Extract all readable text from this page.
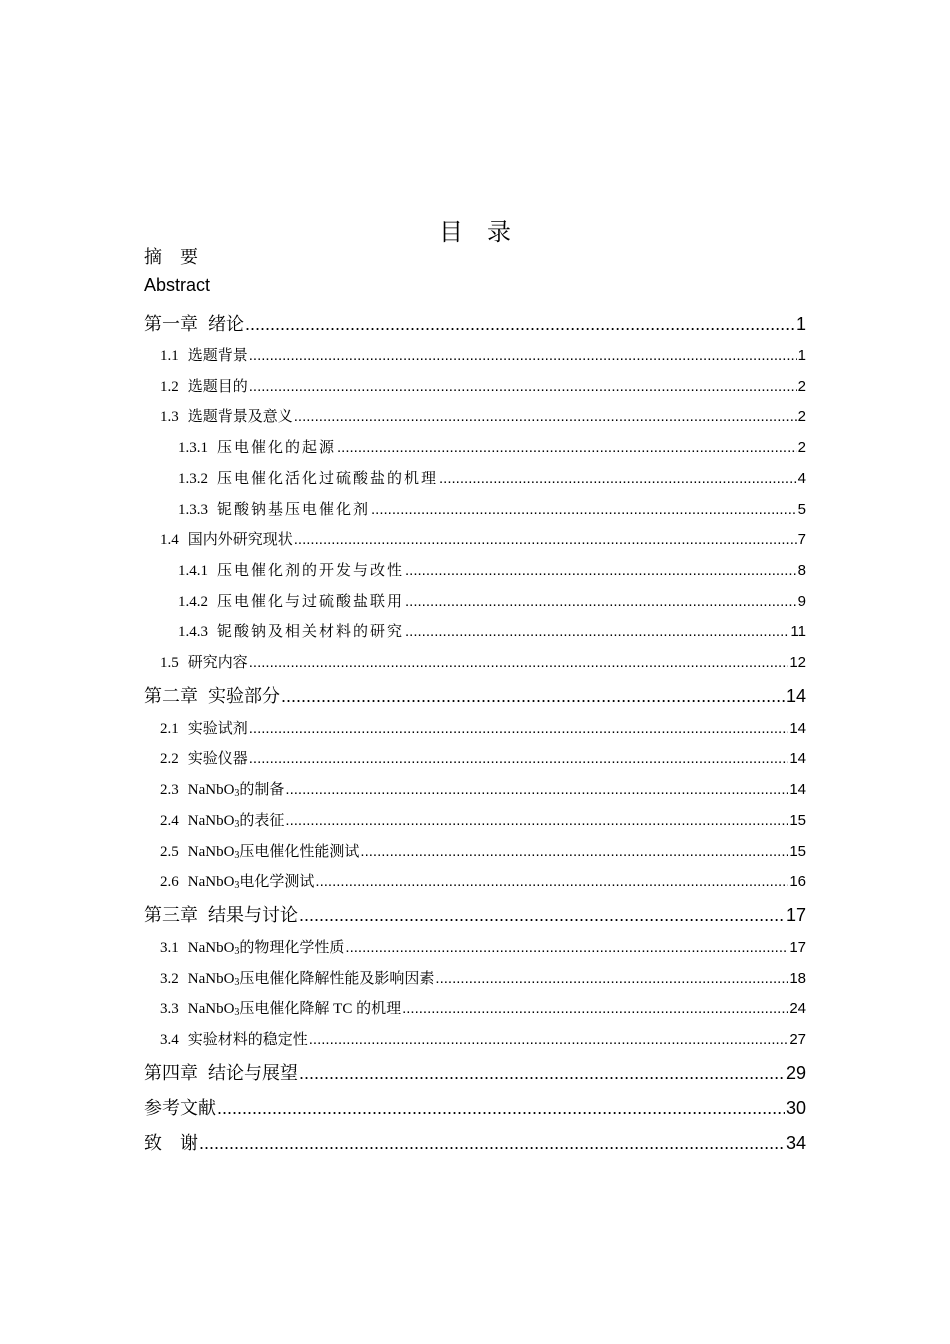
目 录
摘　要
Abstract
第一章 绪论 .....	1
1.1 选题背景 .....	1
1.2 选题目的 .....	2
1.3 选题背景及意义 .....	2
1.3.1 压电催化的起源 .....	2
1.3.2 压电催化活化过硫酸盐的机理 .....	4
1.3.3 铌酸钠基压电催化剂 .....	5
1.4 国内外研究现状 .....	7
1.4.1 压电催化剂的开发与改性 .....	8
1.4.2 压电催化与过硫酸盐联用 .....	9
1.4.3 铌酸钠及相关材料的研究 .....	11
1.5 研究内容 .....	12
第二章 实验部分 .....	14
2.1 实验试剂 .....	14
2.2 实验仪器 .....	14
2.3 NaNbO$_3$的制备 .....	14
2.4 NaNbO$_3$的表征 .....	15
2.5 NaNbO$_3$压电催化性能测试 .....	15
2.6 NaNbO$_3$电化学测试 .....	16
第三章 结果与讨论 .....	17
3.1 NaNbO$_3$的物理化学性质 .....	17
3.2 NaNbO$_3$压电催化降解性能及影响因素 .....	18
3.3 NaNbO$_3$压电催化降解 TC 的机理 .....	24
3.4 实验材料的稳定性 .....	27
第四章 结论与展望 .....	29
参考文献 .....	30
致　谢 .....	34
